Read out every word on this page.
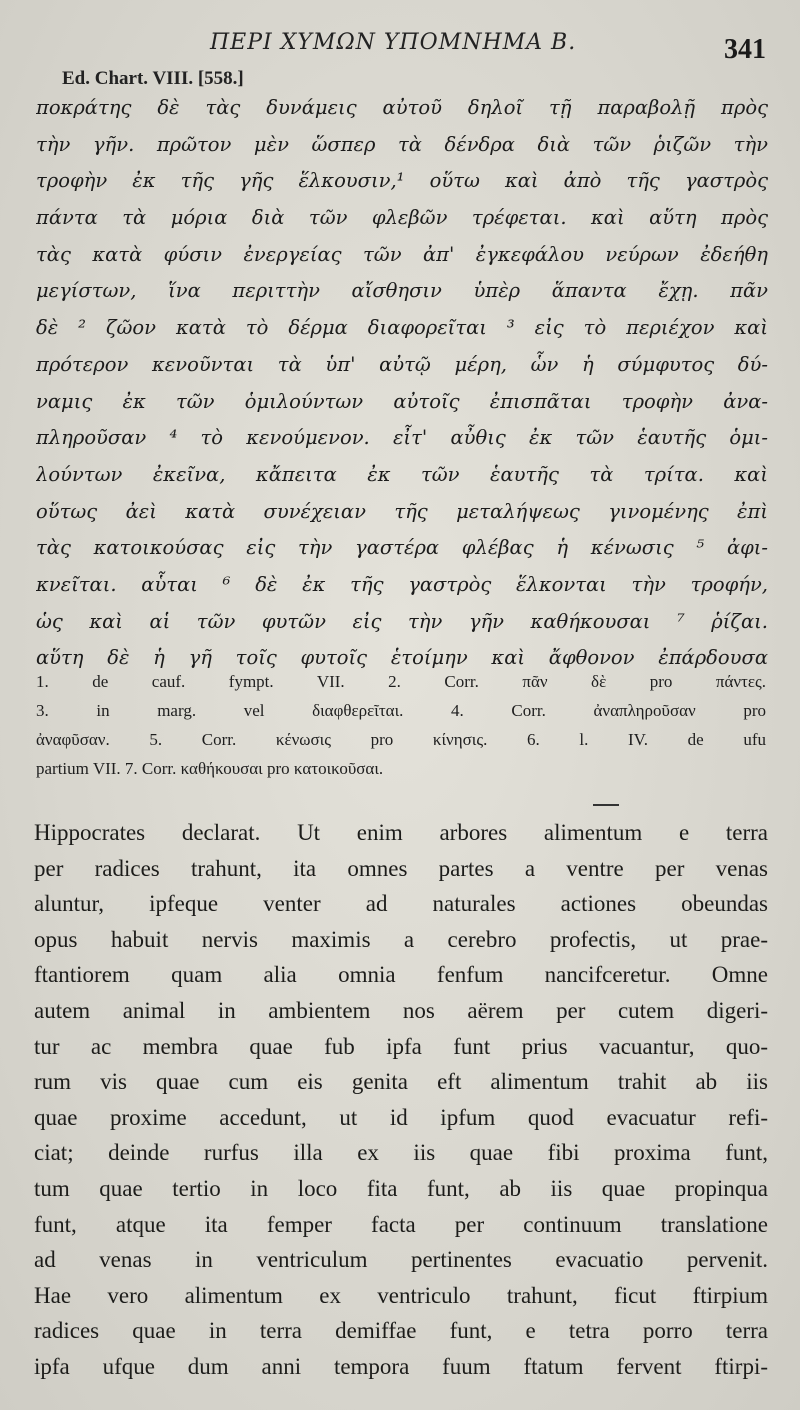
ΠΕΡΙ ΧΥΜΩΝ ΥΠΟΜΝΗΜΑ Β.	341
Ed. Chart. VIII. [558.]
ποκράτης δὲ τὰς δυνάμεις αὐτοῦ δηλοῖ τῇ παραβολῇ πρὸς
τὴν γῆν. πρῶτον μὲν ὥσπερ τὰ δένδρα διὰ τῶν ῥιζῶν τὴν
τροφὴν ἐκ τῆς γῆς ἕλκουσιν,¹ οὕτω καὶ ἀπὸ τῆς γαστρὸς
πάντα τὰ μόρια διὰ τῶν φλεβῶν τρέφεται. καὶ αὕτη πρὸς
τὰς κατὰ φύσιν ἐνεργείας τῶν ἀπ' ἐγκεφάλου νεύρων ἐδεήθη
μεγίστων, ἵνα περιττὴν αἴσθησιν ὑπὲρ ἅπαντα ἔχῃ. πᾶν
δὲ ² ζῶον κατὰ τὸ δέρμα διαφορεῖται ³ εἰς τὸ περιέχον καὶ
πρότερον κενοῦνται τὰ ὑπ' αὐτῷ μέρη, ὧν ἡ σύμφυτος δύ-
ναμις ἐκ τῶν ὁμιλούντων αὐτοῖς ἐπισπᾶται τροφὴν ἀνα-
πληροῦσαν ⁴ τὸ κενούμενον. εἶτ' αὖθις ἐκ τῶν ἑαυτῆς ὁμι-
λούντων ἐκεῖνα, κἄπειτα ἐκ τῶν ἑαυτῆς τὰ τρίτα. καὶ
οὕτως ἀεὶ κατὰ συνέχειαν τῆς μεταλήψεως γινομένης ἐπὶ
τὰς κατοικούσας εἰς τὴν γαστέρα φλέβας ἡ κένωσις ⁵ ἀφι-
κνεῖται. αὗται ⁶ δὲ ἐκ τῆς γαστρὸς ἕλκονται τὴν τροφήν,
ὡς καὶ αἱ τῶν φυτῶν εἰς τὴν γῆν καθήκουσαι ⁷ ῥίζαι.
αὕτη δὲ ἡ γῆ τοῖς φυτοῖς ἑτοίμην καὶ ἄφθονον ἐπάρδουσα
1. de cauf. fympt. VII. 2. Corr. πᾶν δὲ pro πάντες.
3. in marg. vel διαφθερεῖται. 4. Corr. ἀναπληροῦσαν pro
ἀναφῦσαν. 5. Corr. κένωσις pro κίνησις. 6. l. IV. de ufu
partium VII. 7. Corr. καθήκουσαι pro κατοικοῦσαι.
Hippocrates declarat. Ut enim arbores alimentum e terra
per radices trahunt, ita omnes partes a ventre per venas
aluntur, ipfeque venter ad naturales actiones obeundas
opus habuit nervis maximis a cerebro profectis, ut prae-
ftantiorem quam alia omnia fenfum nancifceretur. Omne
autem animal in ambientem nos aërem per cutem digeri-
tur ac membra quae fub ipfa funt prius vacuantur, quo-
rum vis quae cum eis genita eft alimentum trahit ab iis
quae proxime accedunt, ut id ipfum quod evacuatur refi-
ciat; deinde rurfus illa ex iis quae fibi proxima funt,
tum quae tertio in loco fita funt, ab iis quae propinqua
funt, atque ita femper facta per continuum translatione
ad venas in ventriculum pertinentes evacuatio pervenit.
Hae vero alimentum ex ventriculo trahunt, ficut ftirpium
radices quae in terra demiffae funt, e tetra porro terra
ipfa ufque dum anni tempora fuum ftatum fervent ftirpi-
